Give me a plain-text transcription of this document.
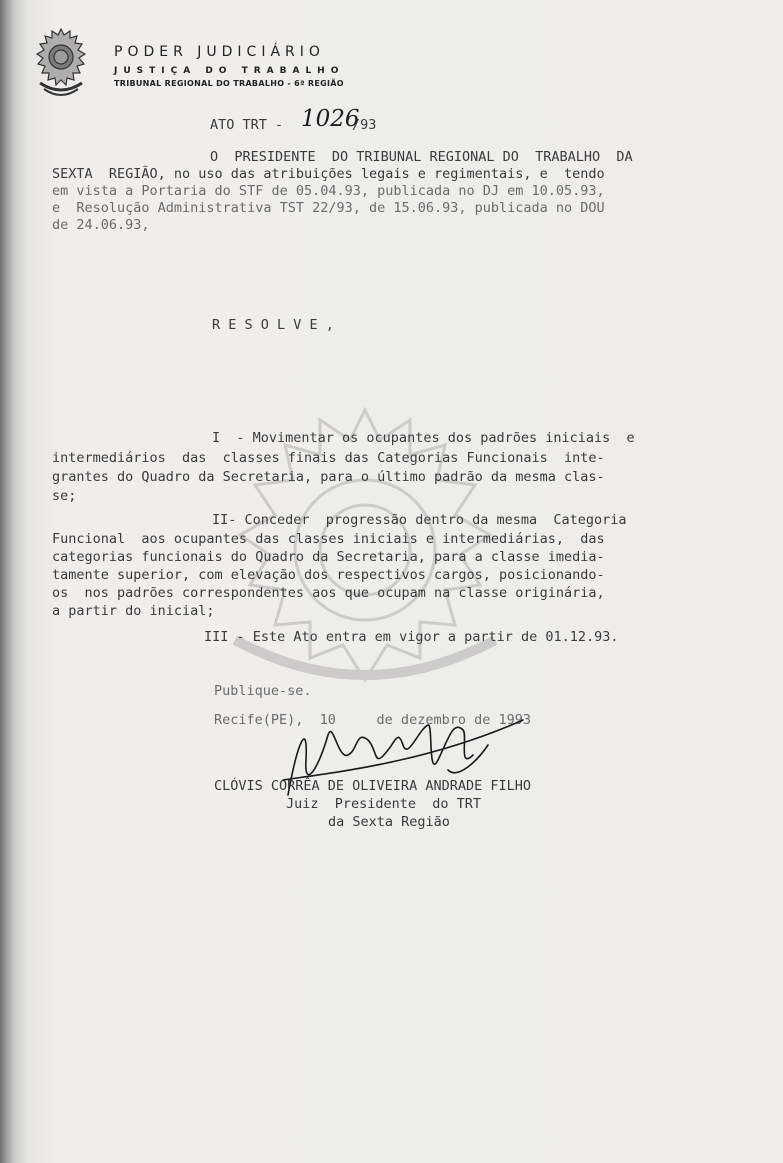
PODER JUDICIÁRIO
JUSTIÇA DO TRABALHO
TRIBUNAL REGIONAL DO TRABALHO - 6ª REGIÃO
ATO TRT - 1026
/93
O  PRESIDENTE  DO TRIBUNAL REGIONAL DO  TRABALHO  DA
SEXTA  REGIÃO, no uso das atribuições legais e regimentais, e  tendo
em vista a Portaria do STF de 05.04.93, publicada no DJ em 10.05.93,
e  Resolução Administrativa TST 22/93, de 15.06.93, publicada no DOU
de 24.06.93,
R E S O L V E ,
I  - Movimentar os ocupantes dos padrões iniciais  e
intermediários  das  classes finais das Categorias Funcionais  inte-
grantes do Quadro da Secretaria, para o último padrão da mesma clas-
se;
II- Conceder  progressão dentro da mesma  Categoria
Funcional  aos ocupantes das classes iniciais e intermediárias,  das
categorias funcionais do Quadro da Secretaria, para a classe imedia-
tamente superior, com elevação dos respectivos cargos, posicionando-
os  nos padrões correspondentes aos que ocupam na classe originária,
a partir do inicial;
III - Este Ato entra em vigor a partir de 01.12.93.
Publique-se.
Recife(PE),  10     de dezembro de 1993
CLÓVIS CORRÊA DE OLIVEIRA ANDRADE FILHO
Juiz  Presidente  do TRT
da Sexta Região
